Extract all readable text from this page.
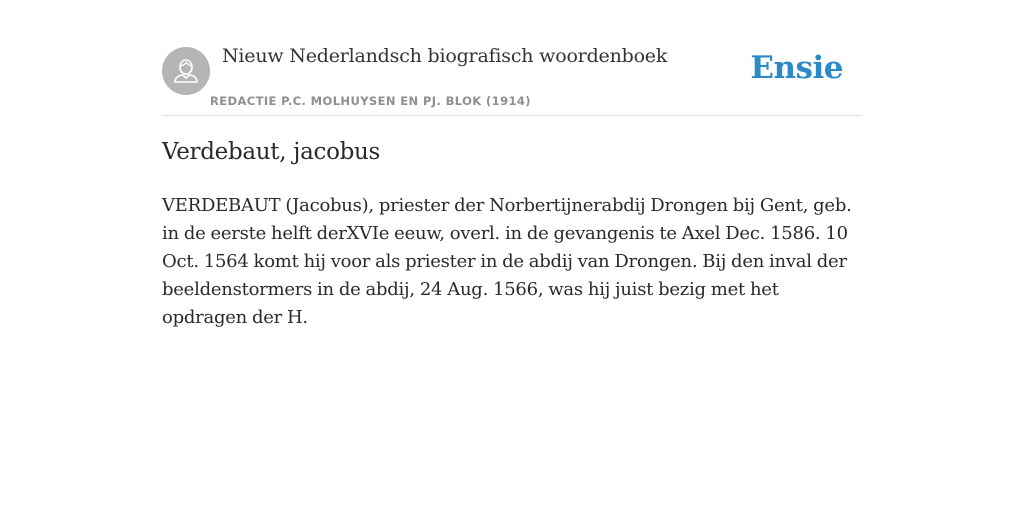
Nieuw Nederlandsch biografisch woordenboek
REDACTIE P.C. MOLHUYSEN EN PJ. BLOK (1914)
Ensie
Verdebaut, jacobus

VERDEBAUT (Jacobus), priester der Norbertijnerabdij Drongen bij Gent, geb. in de eerste helft derXVIe eeuw, overl. in de gevangenis te Axel Dec. 1586. 10 Oct. 1564 komt hij voor als priester in de abdij van Drongen. Bij den inval der beeldenstormers in de abdij, 24 Aug. 1566, was hij juist bezig met het opdragen der H.
